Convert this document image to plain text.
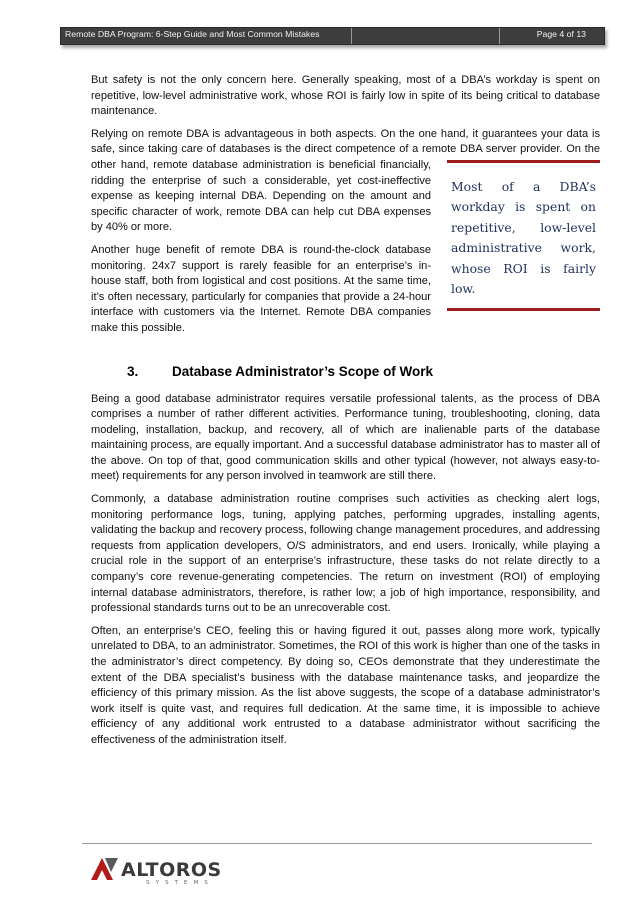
Remote DBA Program: 6-Step Guide and Most Common Mistakes	Page 4 of 13

But safety is not the only concern here. Generally speaking, most of a DBA’s workday is spent on repetitive, low-level administrative work, whose ROI is fairly low in spite of its being critical to database maintenance.

Relying on remote DBA is advantageous in both aspects. On the one hand, it guarantees your data is safe, since taking care of databases is the direct competence of a remote DBA server provider.
Most of a DBA’s workday is spent on repetitive, low-level administrative work, whose ROI is fairly low.
On the other hand, remote database administration is beneficial financially, ridding the enterprise of such a considerable, yet cost-ineffective expense as keeping internal DBA. Depending on the amount and specific character of work, remote DBA can help cut DBA expenses by 40% or more.

Another huge benefit of remote DBA is round-the-clock database monitoring. 24x7 support is rarely feasible for an enterprise’s in-house staff, both from logistical and cost positions. At the same time, it’s often necessary, particularly for companies that provide a 24-hour interface with customers via the Internet. Remote DBA companies make this possible.

3. Database Administrator’s Scope of Work

Being a good database administrator requires versatile professional talents, as the process of DBA comprises a number of rather different activities. Performance tuning, troubleshooting, cloning, data modeling, installation, backup, and recovery, all of which are inalienable parts of the database maintaining process, are equally important. And a successful database administrator has to master all of the above. On top of that, good communication skills and other typical (however, not always easy-to-meet) requirements for any person involved in teamwork are still there.

Commonly, a database administration routine comprises such activities as checking alert logs, monitoring performance logs, tuning, applying patches, performing upgrades, installing agents, validating the backup and recovery process, following change management procedures, and addressing requests from application developers, O/S administrators, and end users. Ironically, while playing a crucial role in the support of an enterprise’s infrastructure, these tasks do not relate directly to a company’s core revenue-generating competencies. The return on investment (ROI) of employing internal database administrators, therefore, is rather low; a job of high importance, responsibility, and professional standards turns out to be an unrecoverable cost.

Often, an enterprise’s CEO, feeling this or having figured it out, passes along more work, typically unrelated to DBA, to an administrator. Sometimes, the ROI of this work is higher than one of the tasks in the administrator’s direct competency. By doing so, CEOs demonstrate that they underestimate the extent of the DBA specialist’s business with the database maintenance tasks, and jeopardize the efficiency of this primary mission. As the list above suggests, the scope of a database administrator’s work itself is quite vast, and requires full dedication. At the same time, it is impossible to achieve efficiency of any additional work entrusted to a database administrator without sacrificing the effectiveness of the administration itself.

ALTOROS
SYSTEMS
